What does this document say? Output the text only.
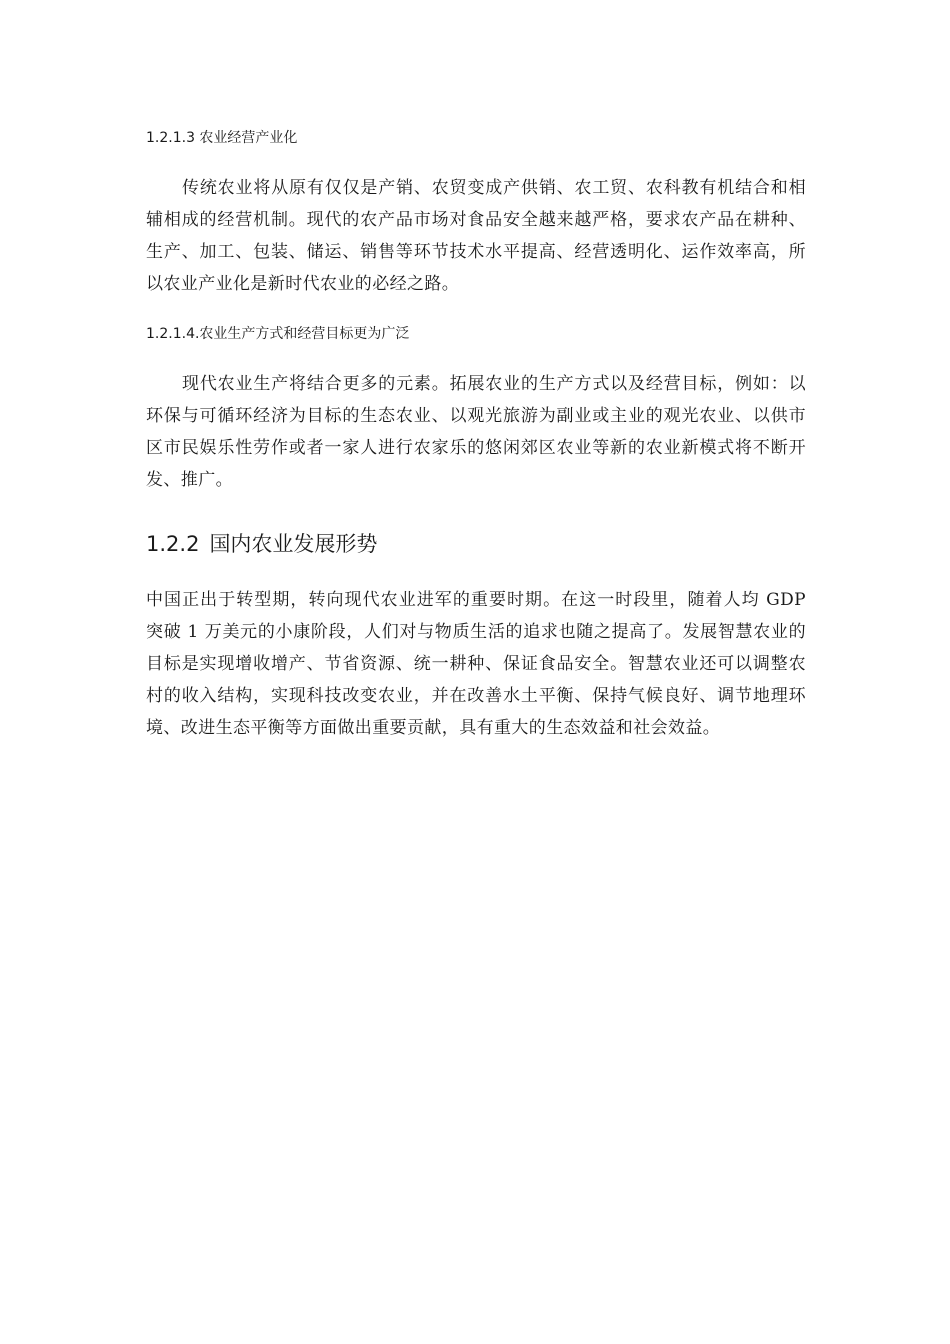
1.2.1.3 农业经营产业化

传统农业将从原有仅仅是产销、农贸变成产供销、农工贸、农科教有机结合和相辅相成的经营机制。现代的农产品市场对食品安全越来越严格，要求农产品在耕种、生产、加工、包装、储运、销售等环节技术水平提高、经营透明化、运作效率高，所以农业产业化是新时代农业的必经之路。

1.2.1.4.农业生产方式和经营目标更为广泛

现代农业生产将结合更多的元素。拓展农业的生产方式以及经营目标，例如：以环保与可循环经济为目标的生态农业、以观光旅游为副业或主业的观光农业、以供市区市民娱乐性劳作或者一家人进行农家乐的悠闲郊区农业等新的农业新模式将不断开发、推广。

1.2.2 国内农业发展形势

中国正出于转型期，转向现代农业进军的重要时期。在这一时段里，随着人均 GDP 突破 1 万美元的小康阶段，人们对与物质生活的追求也随之提高了。发展智慧农业的目标是实现增收增产、节省资源、统一耕种、保证食品安全。智慧农业还可以调整农村的收入结构，实现科技改变农业，并在改善水土平衡、保持气候良好、调节地理环境、改进生态平衡等方面做出重要贡献，具有重大的生态效益和社会效益。
